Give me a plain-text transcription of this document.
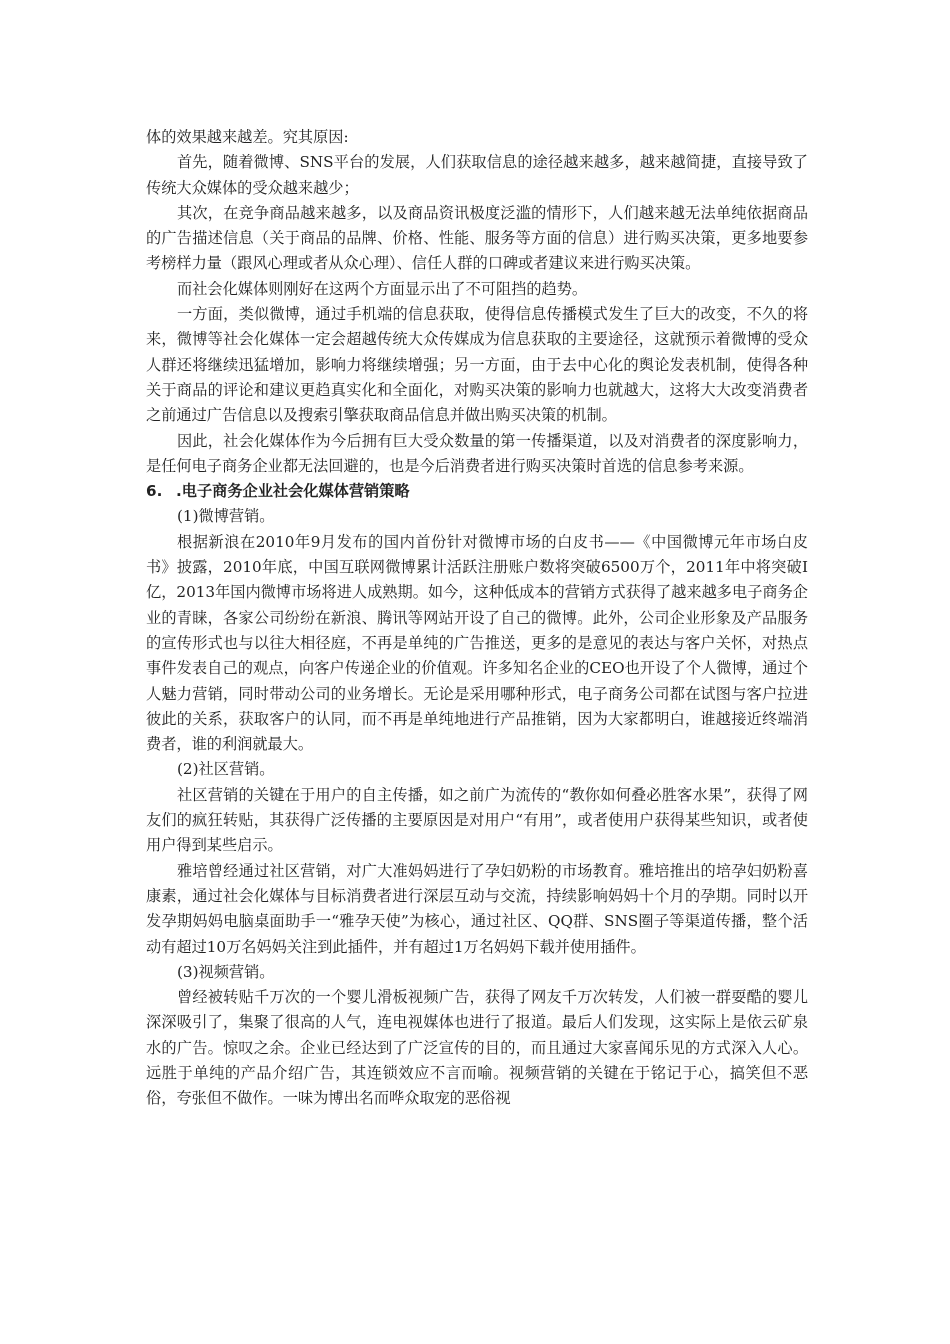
体的效果越来越差。究其原因:

首先，随着微博、SNS平台的发展，人们获取信息的途径越来越多，越来越简捷，直接导致了传统大众媒体的受众越来越少；

其次，在竞争商品越来越多，以及商品资讯极度泛滥的情形下，人们越来越无法单纯依据商品的广告描述信息（关于商品的品牌、价格、性能、服务等方面的信息）进行购买决策，更多地要参考榜样力量（跟风心理或者从众心理）、信任人群的口碑或者建议来进行购买决策。

而社会化媒体则刚好在这两个方面显示出了不可阻挡的趋势。

一方面，类似微博，通过手机端的信息获取，使得信息传播模式发生了巨大的改变，不久的将来，微博等社会化媒体一定会超越传统大众传媒成为信息获取的主要途径，这就预示着微博的受众人群还将继续迅猛增加，影响力将继续增强；另一方面，由于去中心化的舆论发表机制，使得各种关于商品的评论和建议更趋真实化和全面化，对购买决策的影响力也就越大，这将大大改变消费者之前通过广告信息以及搜索引擎获取商品信息并做出购买决策的机制。

因此，社会化媒体作为今后拥有巨大受众数量的第一传播渠道，以及对消费者的深度影响力，是任何电子商务企业都无法回避的，也是今后消费者进行购买决策时首选的信息参考来源。

6. .电子商务企业社会化媒体营销策略

(1)微博营销。

根据新浪在2010年9月发布的国内首份针对微博市场的白皮书——《中国微博元年市场白皮书》披露，2010年底，中国互联网微博累计活跃注册账户数将突破6500万个，2011年中将突破I亿，2013年国内微博市场将进人成熟期。如今，这种低成本的营销方式获得了越来越多电子商务企业的青睐，各家公司纷纷在新浪、腾讯等网站开设了自己的微博。此外，公司企业形象及产品服务的宣传形式也与以往大相径庭，不再是单纯的广告推送，更多的是意见的表达与客户关怀，对热点事件发表自己的观点，向客户传递企业的价值观。许多知名企业的CEO也开设了个人微博，通过个人魅力营销，同时带动公司的业务增长。无论是采用哪种形式，电子商务公司都在试图与客户拉进彼此的关系，获取客户的认同，而不再是单纯地进行产品推销，因为大家都明白，谁越接近终端消费者，谁的利润就最大。

(2)社区营销。

社区营销的关键在于用户的自主传播，如之前广为流传的“教你如何叠必胜客水果”，获得了网友们的疯狂转贴，其获得广泛传播的主要原因是对用户“有用”，或者使用户获得某些知识，或者使用户得到某些启示。

雅培曾经通过社区营销，对广大准妈妈进行了孕妇奶粉的市场教育。雅培推出的培孕妇奶粉喜康素，通过社会化媒体与目标消费者进行深层互动与交流，持续影响妈妈十个月的孕期。同时以开发孕期妈妈电脑桌面助手一“雅孕天使”为核心，通过社区、QQ群、SNS圈子等渠道传播，整个活动有超过10万名妈妈关注到此插件，并有超过1万名妈妈下载并使用插件。

(3)视频营销。

曾经被转贴千万次的一个婴儿滑板视频广告，获得了网友千万次转发，人们被一群耍酷的婴儿深深吸引了，集聚了很高的人气，连电视媒体也进行了报道。最后人们发现，这实际上是依云矿泉水的广告。惊叹之余。企业已经达到了广泛宣传的目的，而且通过大家喜闻乐见的方式深入人心。远胜于单纯的产品介绍广告，其连锁效应不言而喻。视频营销的关键在于铭记于心，搞笑但不恶俗，夸张但不做作。一味为博出名而哗众取宠的恶俗视
